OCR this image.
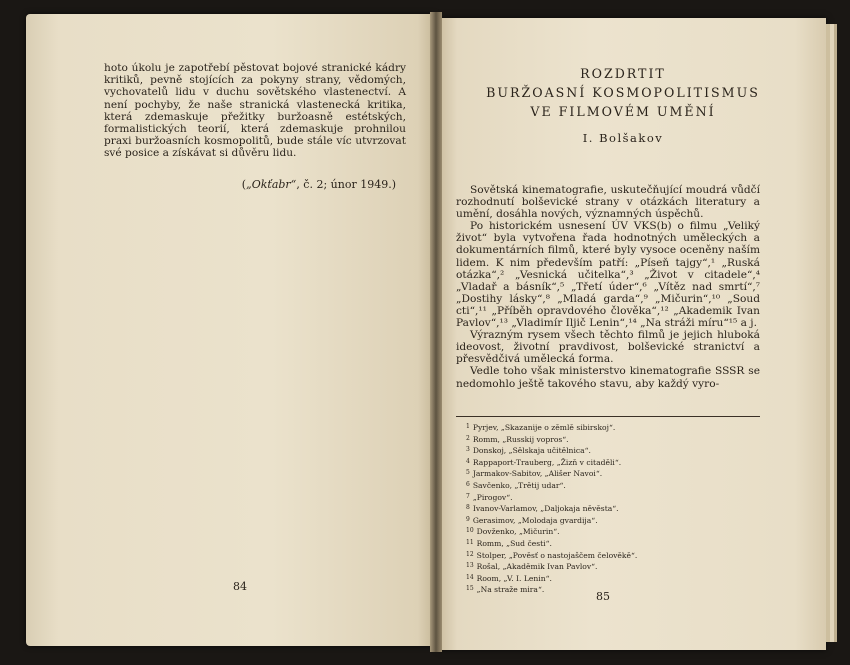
hoto úkolu je zapotřebí pěstovat bojové stranické kádry kritiků, pevně stojících za pokyny strany, vědomých, vychovatelů lidu v duchu sovětského vlastenectví. A není pochyby, že naše stranická vlastenecká kritika, která zdemaskuje přežitky buržoasně estétských, formalistických teorií, která zdemaskuje prohnilou praxi buržoasních kosmopolitů, bude stále víc utvrzovat své posice a získávat si důvěru lidu.

(„Okťabr“, č. 2; únor 1949.)
84
ROZDRTIT
BURŽOASNÍ KOSMOPOLITISMUS
VE FILMOVÉM UMĚNÍ
I. Bolšakov

Sovětská kinematografie, uskutečňující moudrá vůdčí rozhodnutí bolševické strany v otázkách literatury a umění, dosáhla nových, významných úspěchů.

Po historickém usnesení ÚV VKS(b) o filmu „Veliký život“ byla vytvořena řada hodnotných uměleckých a dokumentárních filmů, které byly vysoce oceněny naším lidem. K nim především patří: „Píseň tajgy“,¹ „Ruská otázka“,² „Vesnická učitelka“,³ „Život v citadele“,⁴ „Vladař a básník“,⁵ „Třetí úder“,⁶ „Vítěz nad smrtí“,⁷ „Dostihy lásky“,⁸ „Mladá garda“,⁹ „Mičurin“,¹⁰ „Soud cti“,¹¹ „Příběh opravdového člověka“,¹² „Akademik Ivan Pavlov“,¹³ „Vladimír Iljič Lenin“,¹⁴ „Na stráži míru“¹⁵ a j.

Výrazným rysem všech těchto filmů je jejich hluboká ideovost, životní pravdivost, bolševické stranictví a přesvědčivá umělecká forma.

Vedle toho však ministerstvo kinematografie SSSR se nedomohlo ještě takového stavu, aby každý vyro-

$^1$ Pyrjev, „Skazanije o zěmlě sibirskoj“.
$^2$ Romm, „Russkij vopros“.
$^3$ Donskoj, „Sělskaja učitělnica“.
$^4$ Rappaport-Trauberg, „Žizň v citaděli“.
$^5$ Jarmakov-Sabitov, „Ališer Navoi“.
$^6$ Savčenko, „Trětij udar“.
$^7$ „Pirogov“.
$^8$ Ivanov-Varlamov, „Daljokaja něvěsta“.
$^9$ Gerasimov, „Molodaja gvardija“.
$^{10}$ Dovženko, „Mičurin“.
$^{11}$ Romm, „Sud česti“.
$^{12}$ Stolper, „Pověsť o nastojaščem čelověkě“.
$^{13}$ Rošal, „Akaděmik Ivan Pavlov“.
$^{14}$ Room, „V. I. Lenin“.
$^{15}$ „Na straže mira“.
85
